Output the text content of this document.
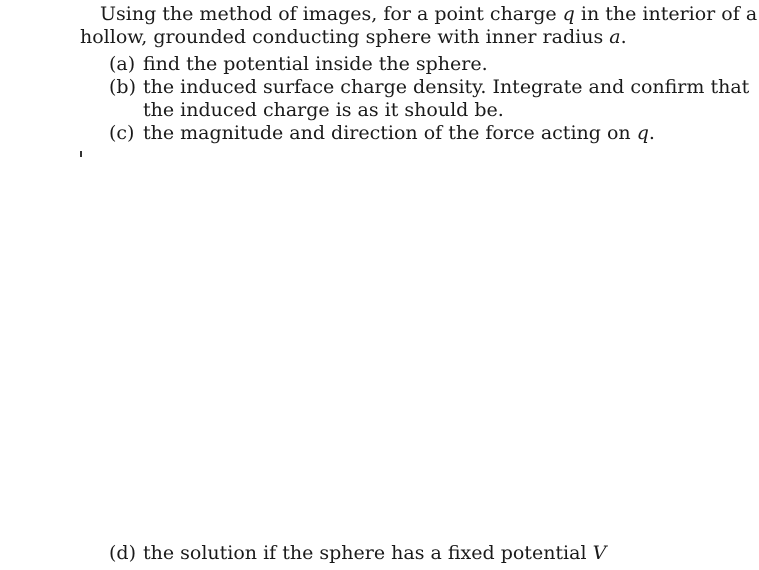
Using the method of images, for a point charge q in the interior of a
hollow, grounded conducting sphere with inner radius a.
(a) find the potential inside the sphere.
(b) the induced surface charge density. Integrate and confirm that
the induced charge is as it should be.
(c) the magnitude and direction of the force acting on q.
(d) the solution if the sphere has a fixed potential V
